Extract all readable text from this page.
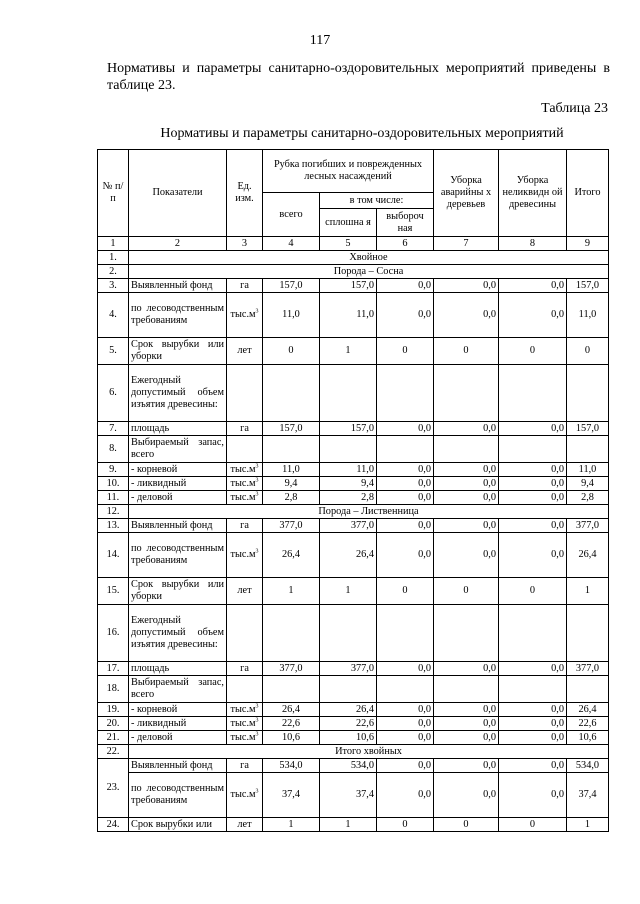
117
Нормативы и параметры санитарно-оздоровительных мероприятий приведены в таблице 23.
Таблица 23
Нормативы и параметры санитарно-оздоровительных мероприятий
№ п/п	Показатели	Ед. изм.	Рубка погибших и поврежденных лесных насаждений			Уборка аварийны х деревьев	Уборка неликвидн ой древесины	Итого
			всего	в том числе:				
				сплошна я	выбороч ная			
1	2	3	4	5	6	7	8	9
1.	Хвойное							
2.	Порода – Сосна							
3.	Выявленный фонд	га	157,0	157,0	0,0	0,0	0,0	157,0
4.	по лесоводственным требованиям	$тыс.м^3$	11,0	11,0	0,0	0,0	0,0	11,0
5.	Срок вырубки или уборки	лет	0	1	0	0	0	0
6.	Ежегодный допустимый объем изъятия древесины:							
7.	площадь	га	157,0	157,0	0,0	0,0	0,0	157,0
8.	Выбираемый запас, всего							
9.	- корневой	$тыс.м^3$	11,0	11,0	0,0	0,0	0,0	11,0
10.	- ликвидный	$тыс.м^3$	9,4	9,4	0,0	0,0	0,0	9,4
11.	- деловой	$тыс.м^3$	2,8	2,8	0,0	0,0	0,0	2,8
12.	Порода – Лиственница							
13.	Выявленный фонд	га	377,0	377,0	0,0	0,0	0,0	377,0
14.	по лесоводственным требованиям	$тыс.м^3$	26,4	26,4	0,0	0,0	0,0	26,4
15.	Срок вырубки или уборки	лет	1	1	0	0	0	1
16.	Ежегодный допустимый объем изъятия древесины:							
17.	площадь	га	377,0	377,0	0,0	0,0	0,0	377,0
18.	Выбираемый запас, всего							
19.	- корневой	$тыс.м^3$	26,4	26,4	0,0	0,0	0,0	26,4
20.	- ликвидный	$тыс.м^3$	22,6	22,6	0,0	0,0	0,0	22,6
21.	- деловой	$тыс.м^3$	10,6	10,6	0,0	0,0	0,0	10,6
22.	Итого хвойных							
23.	Выявленный фонд	га	534,0	534,0	0,0	0,0	0,0	534,0
	по лесоводственным требованиям	$тыс.м^3$	37,4	37,4	0,0	0,0	0,0	37,4
24.	Срок вырубки или	лет	1	1	0	0	0	1
